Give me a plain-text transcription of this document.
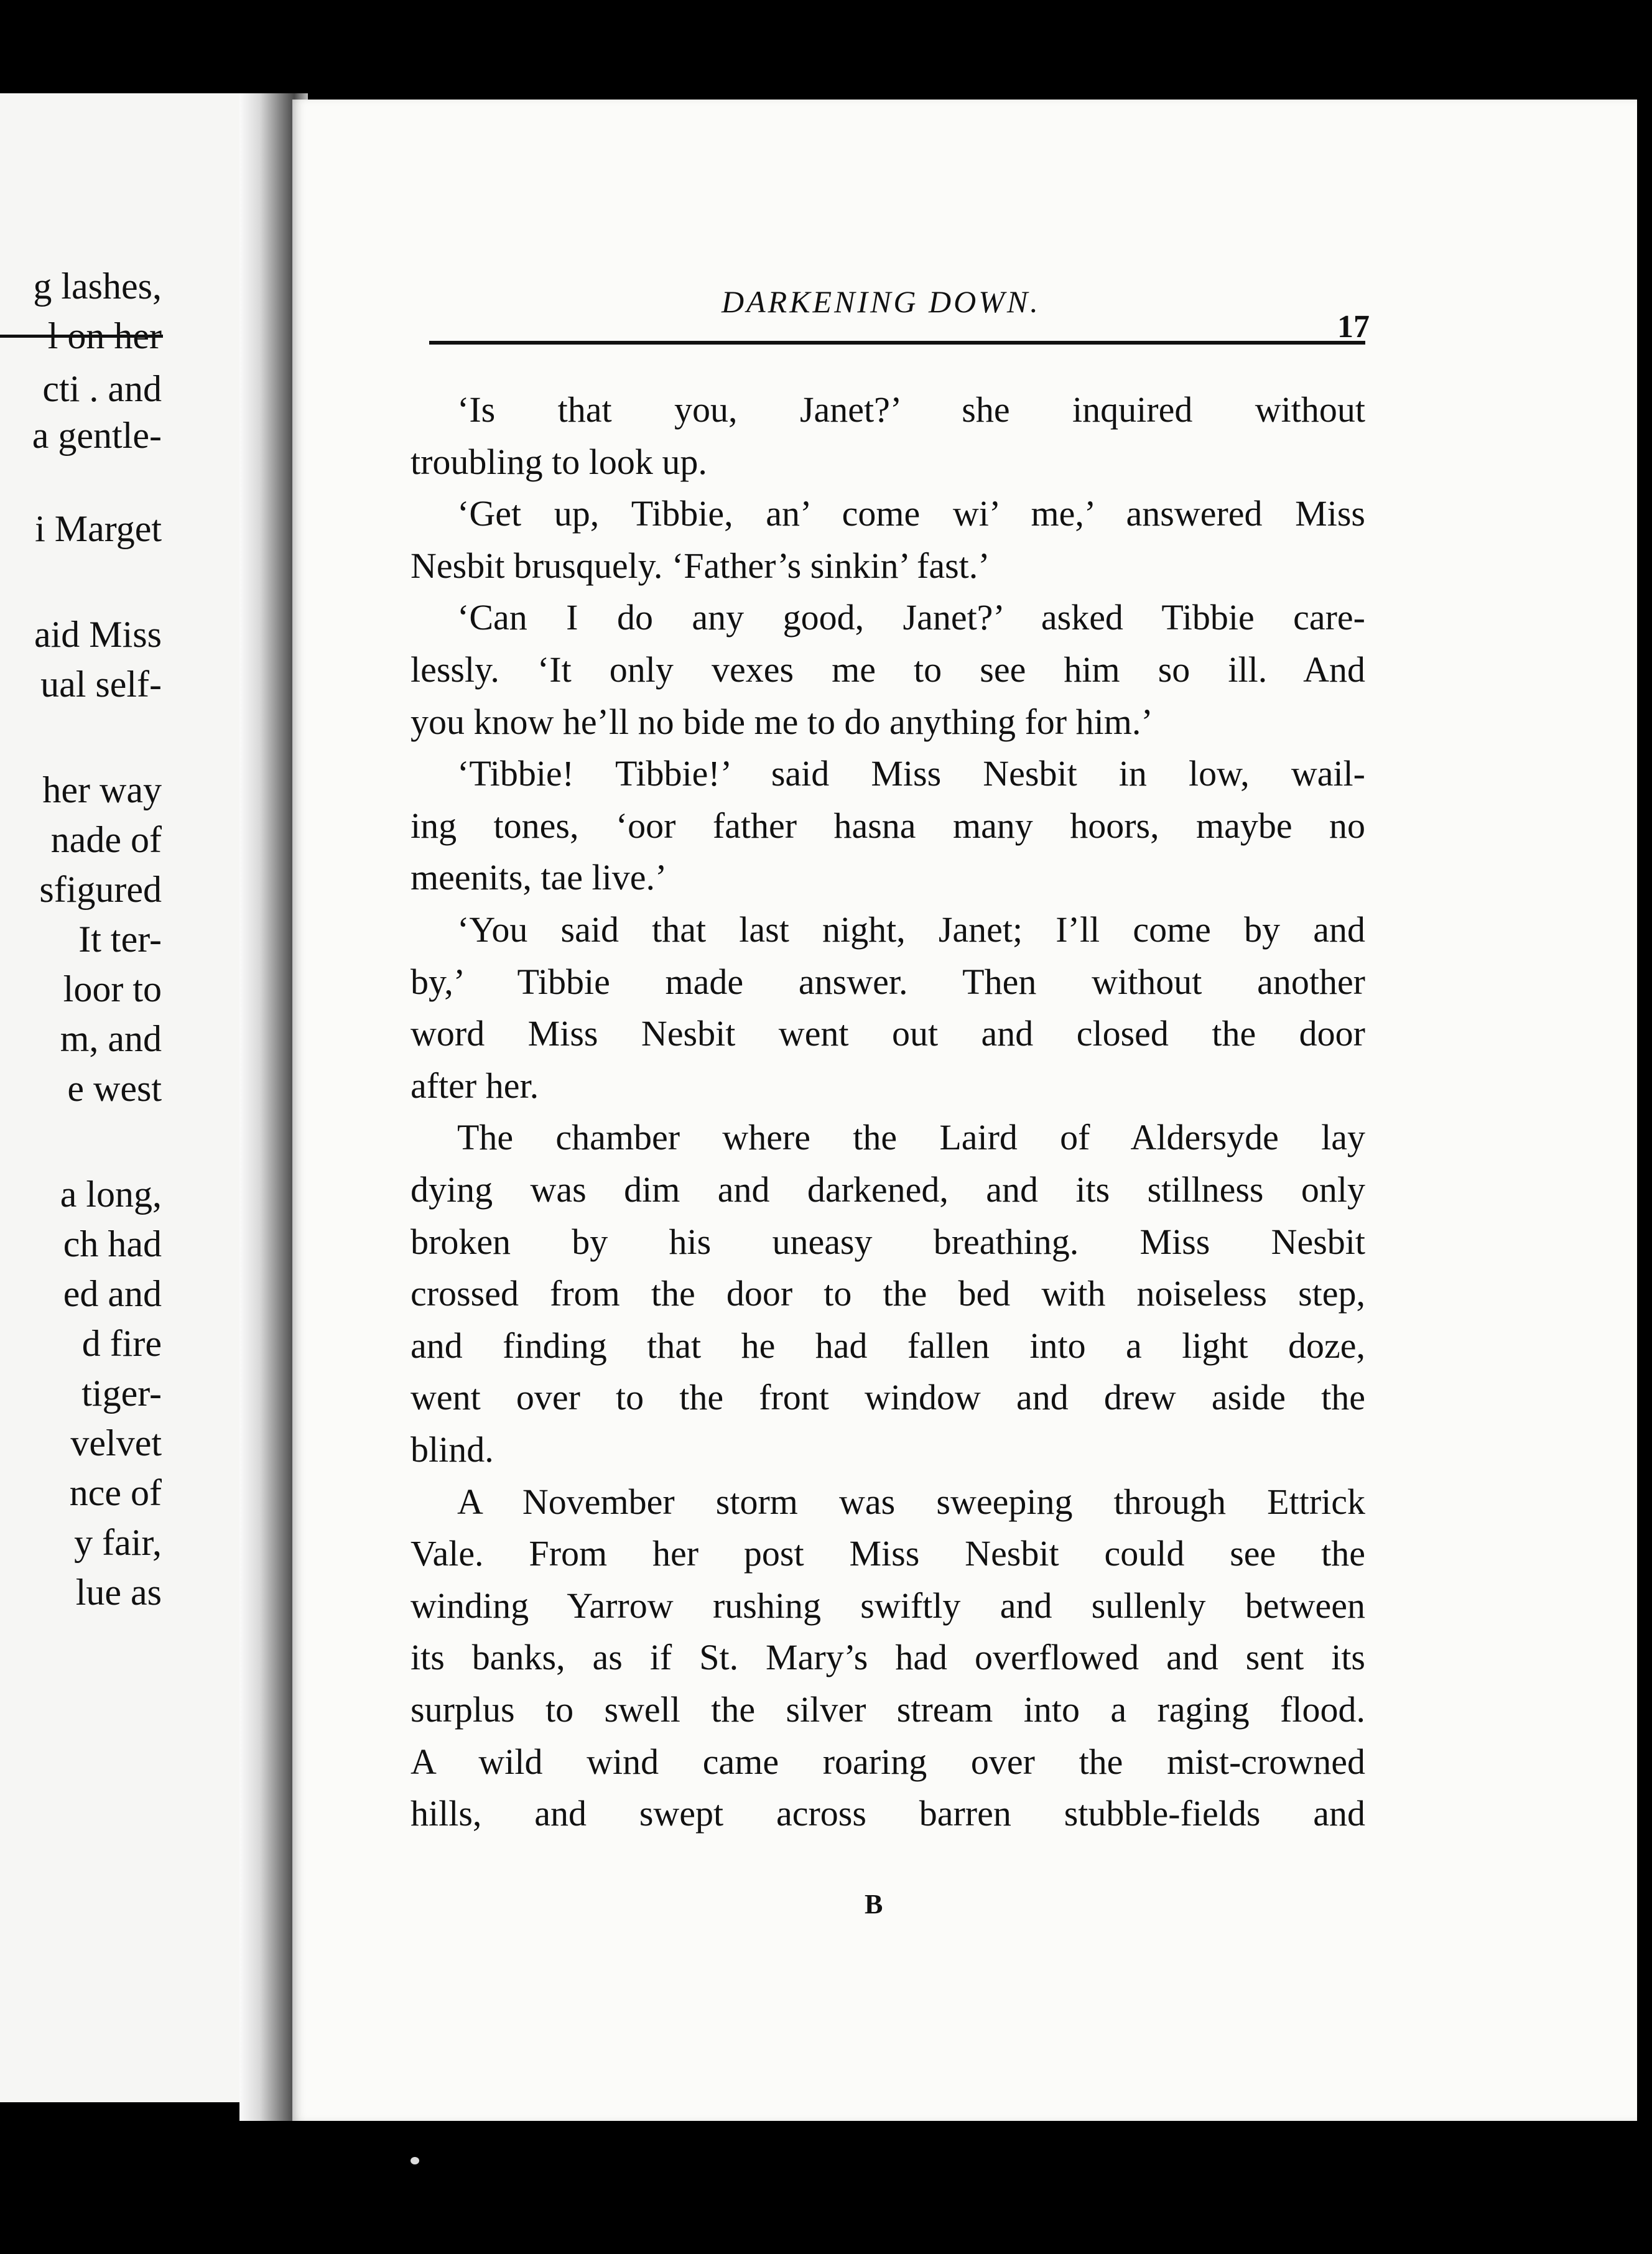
g lashes,
l on her
cti . and
a gentle-
i Marget
aid Miss
ual self-
her way
nade of
sfigured
It ter-
loor to
m, and
e west
a long,
ch had
ed and
d fire
tiger-
velvet
nce of
y fair,
lue as
DARKENING DOWN.
17
‘Is that you, Janet?’ she inquired without
troubling to look up.
‘Get up, Tibbie, an’ come wi’ me,’ answered Miss
Nesbit brusquely. ‘Father’s sinkin’ fast.’
‘Can I do any good, Janet?’ asked Tibbie care-
lessly. ‘It only vexes me to see him so ill. And
you know he’ll no bide me to do anything for him.’
‘Tibbie! Tibbie!’ said Miss Nesbit in low, wail-
ing tones, ‘oor father hasna many hoors, maybe no
meenits, tae live.’
‘You said that last night, Janet; I’ll come by and
by,’ Tibbie made answer. Then without another
word Miss Nesbit went out and closed the door
after her.
The chamber where the Laird of Aldersyde lay
dying was dim and darkened, and its stillness only
broken by his uneasy breathing. Miss Nesbit
crossed from the door to the bed with noiseless step,
and finding that he had fallen into a light doze,
went over to the front window and drew aside the
blind.
A November storm was sweeping through Ettrick
Vale. From her post Miss Nesbit could see the
winding Yarrow rushing swiftly and sullenly between
its banks, as if St. Mary’s had overflowed and sent its
surplus to swell the silver stream into a raging flood.
A wild wind came roaring over the mist-crowned
hills, and swept across barren stubble-fields and
B
